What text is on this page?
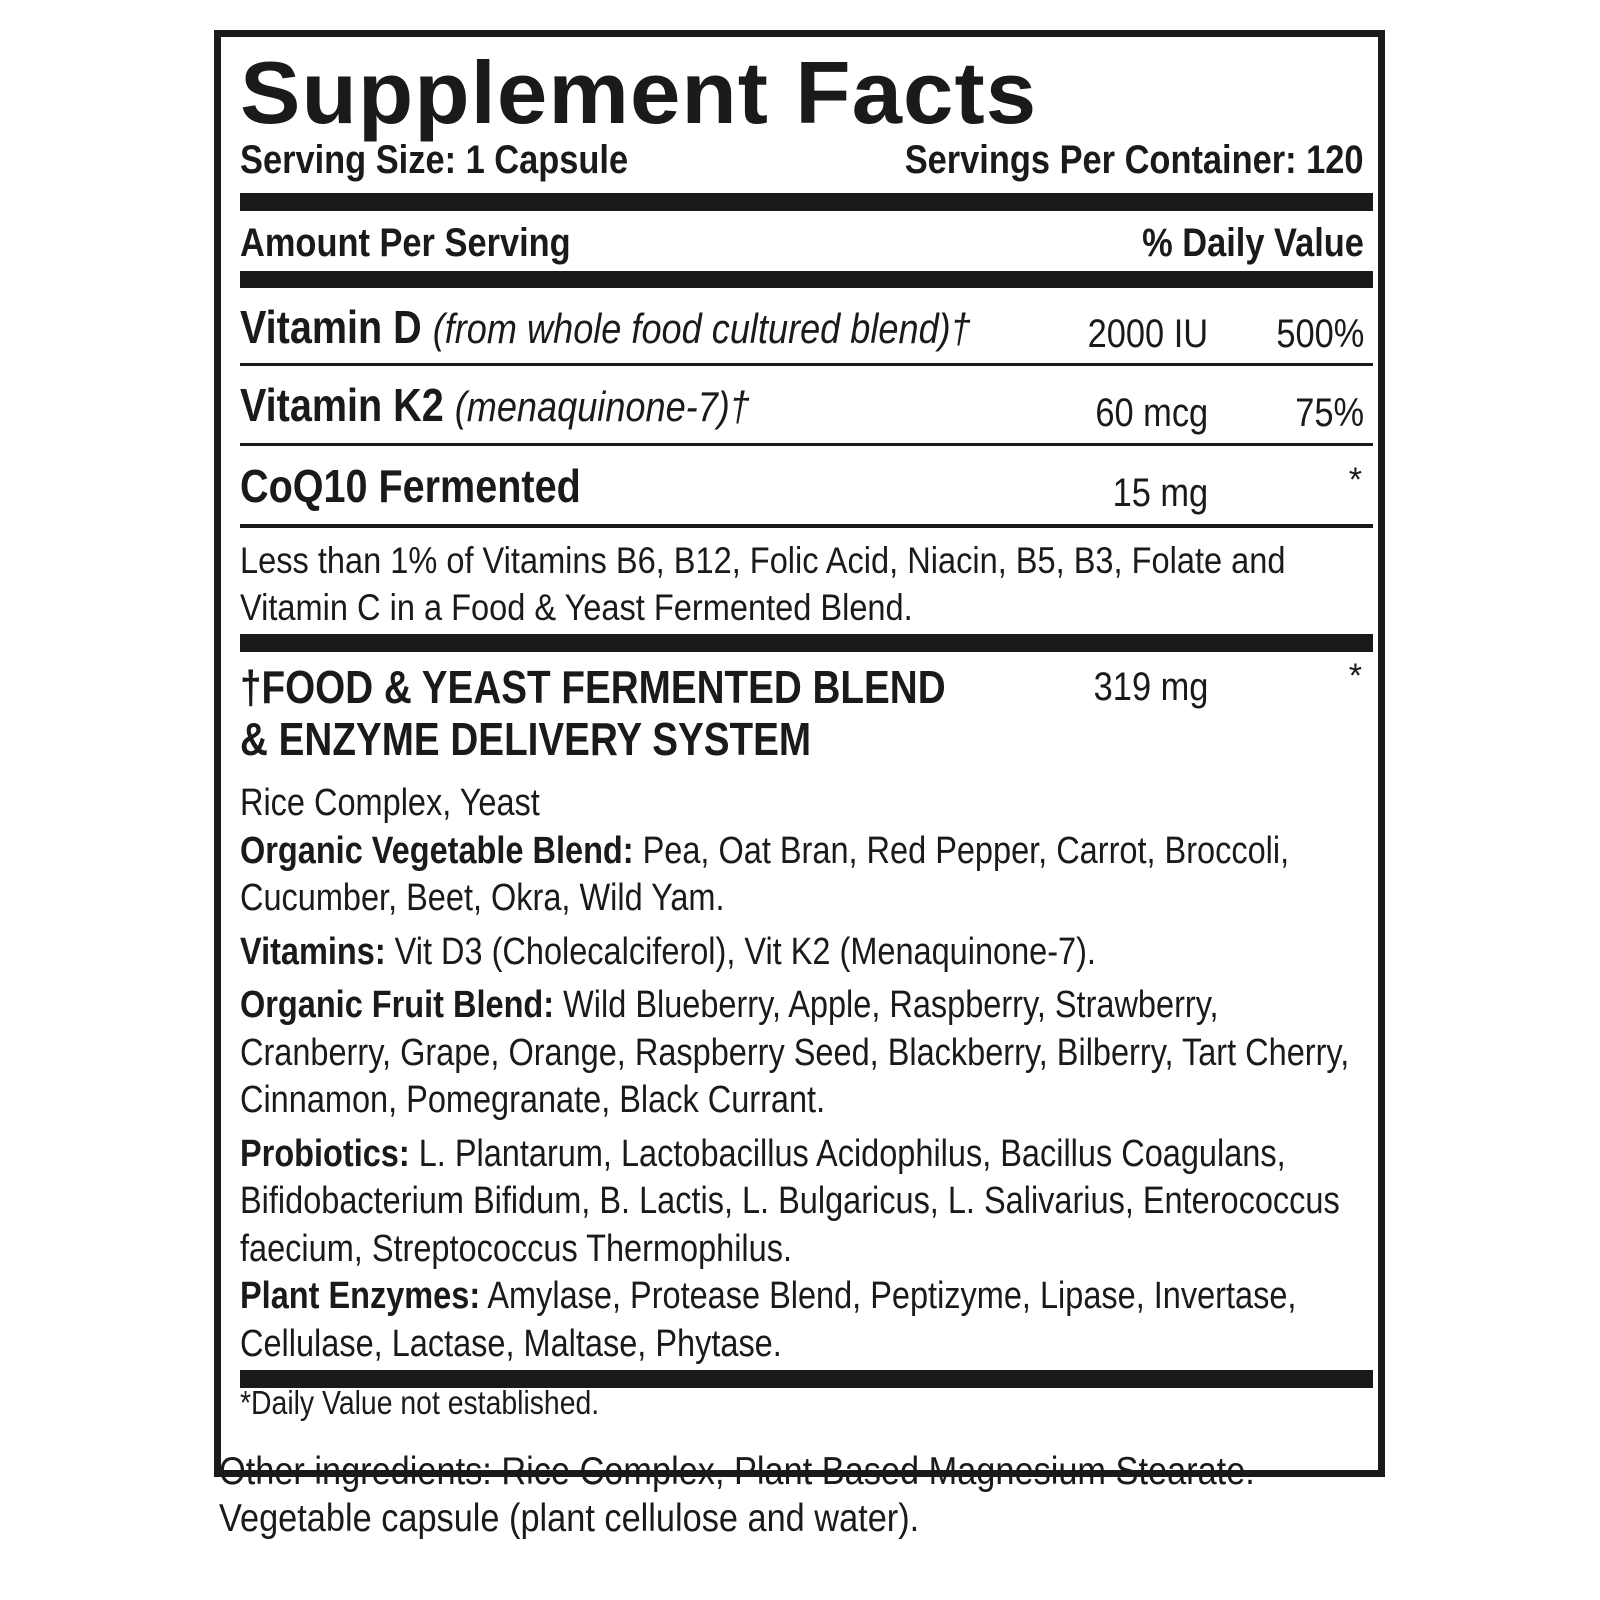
Supplement Facts
Serving Size: 1 Capsule	Servings Per Container: 120
Amount Per Serving	% Daily Value
Vitamin D (from whole food cultured blend)†	2000 IU 500%
Vitamin K2 (menaquinone-7)†	60 mcg 75%
CoQ10 Fermented	15 mg	*
Less than 1% of Vitamins B6, B12, Folic Acid, Niacin, B5, B3, Folate and
Vitamin C in a Food & Yeast Fermented Blend.
†FOOD & YEAST FERMENTED BLEND
& ENZYME DELIVERY SYSTEM
319 mg	*
Rice Complex, Yeast
Organic Vegetable Blend: Pea, Oat Bran, Red Pepper, Carrot, Broccoli,
Cucumber, Beet, Okra, Wild Yam.
Vitamins: Vit D3 (Cholecalciferol), Vit K2 (Menaquinone-7).
Organic Fruit Blend: Wild Blueberry, Apple, Raspberry, Strawberry,
Cranberry, Grape, Orange, Raspberry Seed, Blackberry, Bilberry, Tart Cherry,
Cinnamon, Pomegranate, Black Currant.
Probiotics: L. Plantarum, Lactobacillus Acidophilus, Bacillus Coagulans,
Bifidobacterium Bifidum, B. Lactis, L. Bulgaricus, L. Salivarius, Enterococcus
faecium, Streptococcus Thermophilus.
Plant Enzymes: Amylase, Protease Blend, Peptizyme, Lipase, Invertase,
Cellulase, Lactase, Maltase, Phytase.
*Daily Value not established.
Other ingredients: Rice Complex, Plant Based Magnesium Stearate.
Vegetable capsule (plant cellulose and water).
